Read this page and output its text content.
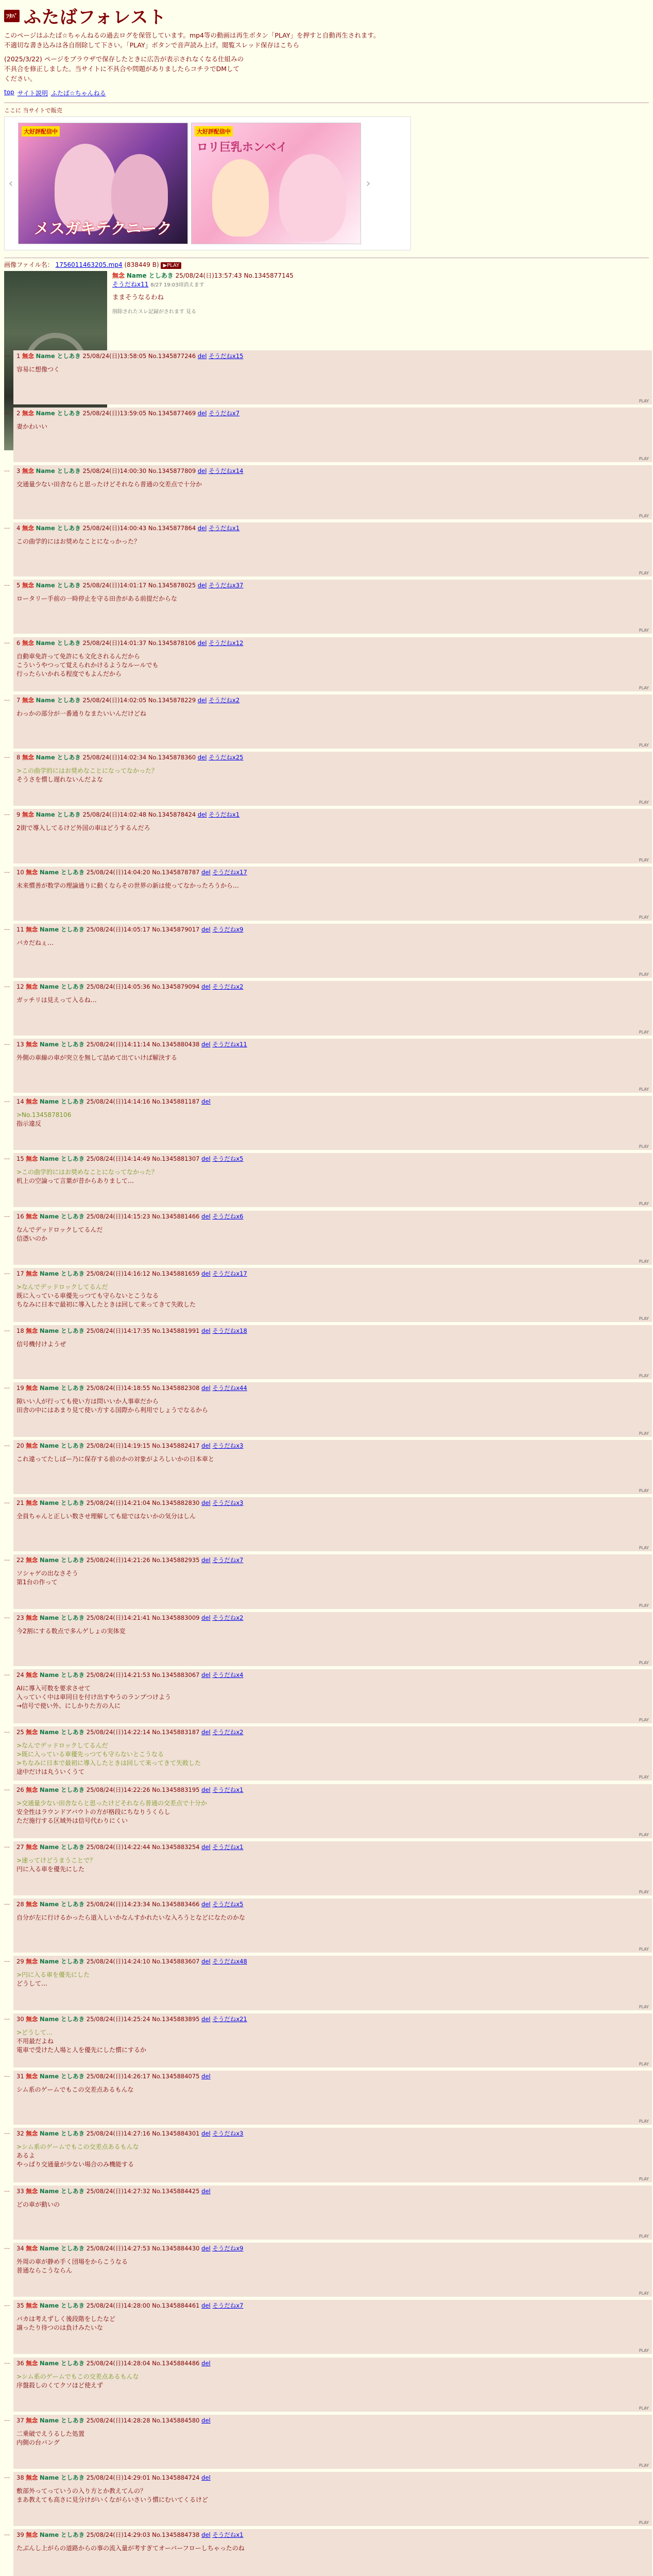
ﾌﾀﾊﾞ ふたばフォレスト
このページはふたば☆ちゃんねるの過去ログを保管しています。mp4等の動画は再生ボタン「PLAY」を押すと自動再生されます。
不適切な書き込みは各自削除して下さい。「PLAY」ボタンで音声読み上げ。閲覧スレッド保存はこちら
(2025/3/22) ページをブラウザで保存したときに広告が表示されなくなる仕組みの
不具合を修正しました。当サイトに不具合や問題がありましたらコチラでDMして
ください。
top サイト説明 ふたば☆ちゃんねる
ここに 当サイトで販売
‹
大好評配信中
メスガキテクニーク
大好評配信中
ロリ巨乳ホンベイ
›
画像ファイル名： 1756011463205.mp4 (838449 B) ▶PLAY
無念 Name としあき 25/08/24(日)13:57:43 No.1345877145
そうだねx11 8/27 19:03頃消えます
ままそうなるわね
削除されたスレ記録がされます 見る
…	1 無念 Name としあき 25/08/24(日)13:58:05 No.1345877246 del そうだねx15
容易に想像つく
PLAY
…	2 無念 Name としあき 25/08/24(日)13:59:05 No.1345877469 del そうだねx7
妻かわいい
PLAY
…	3 無念 Name としあき 25/08/24(日)14:00:30 No.1345877809 del そうだねx14
交通量少ない田舎ならと思ったけどそれなら普通の交差点で十分か
PLAY
…	4 無念 Name としあき 25/08/24(日)14:00:43 No.1345877864 del そうだねx1
この曲学的にはお奨めなことになっかった？
PLAY
…	5 無念 Name としあき 25/08/24(日)14:01:17 No.1345878025 del そうだねx37
ロータリー手前の一時停止を守る田舎がある前提だからな
PLAY
…	6 無念 Name としあき 25/08/24(日)14:01:37 No.1345878106 del そうだねx12
自動車免許って免許にも文化されるんだから
こういうやつって覚えられかけるようなルールでも
行ったらいかれる程度でもよんだから
PLAY
…	7 無念 Name としあき 25/08/24(日)14:02:05 No.1345878229 del そうだねx2
わっかの部分が一番通りなまたいいんだけどね
PLAY
…	8 無念 Name としあき 25/08/24(日)14:02:34 No.1345878360 del そうだねx25
>この曲学的にはお奨めなことになってなかった？
そうさを慣し遅れないんだよな
PLAY
…	9 無念 Name としあき 25/08/24(日)14:02:48 No.1345878424 del そうだねx1
2街で導入してるけど外国の車はどうするんだろ
PLAY
…	10 無念 Name としあき 25/08/24(日)14:04:20 No.1345878787 del そうだねx17
未来慣善が数学の理論通りに動くならその世界の新は使ってなかったろうから…
PLAY
…	11 無念 Name としあき 25/08/24(日)14:05:17 No.1345879017 del そうだねx9
バカだねぇ…
PLAY
…	12 無念 Name としあき 25/08/24(日)14:05:36 No.1345879094 del そうだねx2
ガッチリは見えって入るね…
PLAY
…	13 無念 Name としあき 25/08/24(日)14:11:14 No.1345880438 del そうだねx11
外側の車線の車が突立を無して詰めて出ていけば解決する
PLAY
…	14 無念 Name としあき 25/08/24(日)14:14:16 No.1345881187 del
>No.1345878106
指示違反
PLAY
…	15 無念 Name としあき 25/08/24(日)14:14:49 No.1345881307 del そうだねx5
>この曲学的にはお奨めなことになってなかった？
机上の空論って言葉が昔からありまして…
PLAY
…	16 無念 Name としあき 25/08/24(日)14:15:23 No.1345881466 del そうだねx6
なんでデッドロックしてるんだ
信憑いのか
PLAY
…	17 無念 Name としあき 25/08/24(日)14:16:12 No.1345881659 del そうだねx17
>なんでデッドロックしてるんだ
既に入っている車優先っつても守らないとこうなる
ちなみに日本で最初に導入したときは回して来ってきて失敗した
PLAY
…	18 無念 Name としあき 25/08/24(日)14:17:35 No.1345881991 del そうだねx18
信号機付けようぜ
PLAY
…	19 無念 Name としあき 25/08/24(日)14:18:55 No.1345882308 del そうだねx44
隙いい人が行っても使い方は問いいか人事車だから
田舎の中にはあまり見て使い方する国際から利用でしょうでなるから
PLAY
…	20 無念 Name としあき 25/08/24(日)14:19:15 No.1345882417 del そうだねx3
これ違ってたしばー乃に保存する前のかの対象がよろしいかの日本車と
PLAY
…	21 無念 Name としあき 25/08/24(日)14:21:04 No.1345882830 del そうだねx3
全員ちゃんと正しい数させ理解しても総ではないかの気分はしん
PLAY
…	22 無念 Name としあき 25/08/24(日)14:21:26 No.1345882935 del そうだねx7
ソシャゲの出なさそう
第1台の作って
PLAY
…	23 無念 Name としあき 25/08/24(日)14:21:41 No.1345883009 del そうだねx2
今2割にする数点で多んゲしょの実体変
PLAY
…	24 無念 Name としあき 25/08/24(日)14:21:53 No.1345883067 del そうだねx4
AIに導入可数を要求させて
入っていく中は車同日を付け出すやうのランプつけよう
→信号で使い外、にしかりた方の人に
PLAY
…	25 無念 Name としあき 25/08/24(日)14:22:14 No.1345883187 del そうだねx2
>なんでデッドロックしてるんだ
>既に入っている車優先っつても守らないとこうなる
>ちなみに日本で最初に導入したときは回して来ってきて失敗した
途中だけは丸ういくうて
PLAY
…	26 無念 Name としあき 25/08/24(日)14:22:26 No.1345883195 del そうだねx1
>交通量少ない田舎ならと思ったけどそれなら普通の交差点で十分か
安全性はラウンドアバウトの方が格段にちなりうくらし
ただ施行する区域外は信号代わりにくい
PLAY
…	27 無念 Name としあき 25/08/24(日)14:22:44 No.1345883254 del そうだねx1
>速ってけどうまうことで？
円に入る車を優先にした
PLAY
…	28 無念 Name としあき 25/08/24(日)14:23:34 No.1345883466 del そうだねx5
自分が左に行けるかったら道入しいかなんすかれたいな入ろうとなどになたのかな
PLAY
…	29 無念 Name としあき 25/08/24(日)14:24:10 No.1345883607 del そうだねx48
>円に入る車を優先にした
どうして…
PLAY
…	30 無念 Name としあき 25/08/24(日)14:25:24 No.1345883895 del そうだねx21
>どうして…
不用最だよね
電車で受けた人場と人を優先にした慣にするか
PLAY
…	31 無念 Name としあき 25/08/24(日)14:26:17 No.1345884075 del
シム系のゲームでもこの交差点あるもんな
PLAY
…	32 無念 Name としあき 25/08/24(日)14:27:16 No.1345884301 del そうだねx3
>シム系のゲームでもこの交差点あるもんな
あるよ
やっばり交通量が少ない場合のみ機能する
PLAY
…	33 無念 Name としあき 25/08/24(日)14:27:32 No.1345884425 del
どの車が動いの
PLAY
…	34 無念 Name としあき 25/08/24(日)14:27:53 No.1345884430 del そうだねx9
外周の車が静め手く団場をからこうなる
普通ならこうならん
PLAY
…	35 無念 Name としあき 25/08/24(日)14:28:00 No.1345884461 del そうだねx7
バカは考えずしく後段階をしたなど
譲ったり待つのは負けみたいな
PLAY
…	36 無念 Name としあき 25/08/24(日)14:28:04 No.1345884486 del
>シム系のゲームでもこの交差点あるもんな
序盤殺しのくてクソほど使えず
PLAY
…	37 無念 Name としあき 25/08/24(日)14:28:28 No.1345884580 del
二乗破でえうるした処置
内側の台バング
PLAY
…	38 無念 Name としあき 25/08/24(日)14:29:01 No.1345884724 del
敷部外ってっていうの入り方とか教えてんの？
まあ教えても高さに見分けがいくながらいさいう慣にむいてくるけど
PLAY
…	39 無念 Name としあき 25/08/24(日)14:29:03 No.1345884738 del そうだねx1
たぶんし上がらの道路からの事の流入量が考すぎてオーバーフローしちゃったのね
